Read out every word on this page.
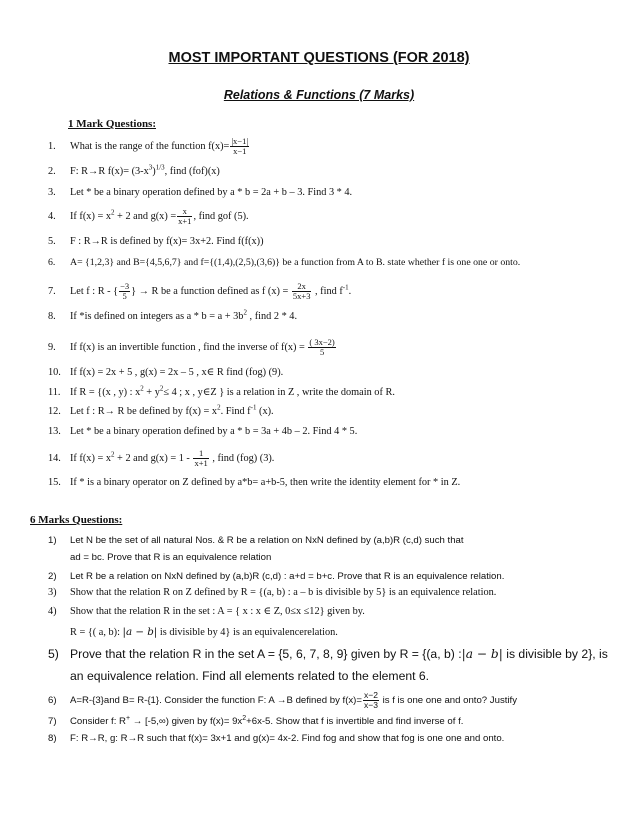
MOST IMPORTANT QUESTIONS (FOR 2018)
Relations & Functions (7 Marks)
1 Mark Questions:
1. What is the range of the function $f(x)= \frac{|x-1|}{x-1}$
2. F: R→R $f(x)= (3-x^3)^{1/3}$, find (fof)(x)
3. Let * be a binary operation defined by a * b = 2a + b – 3. Find 3 * 4.
4. If $f(x) = x^2 + 2$ and $g(x) = \frac{x}{x+1}$ , find gof (5).
5. F : R→R is defined by f(x)= 3x+2. Find f(f(x))
6. A= {1,2,3} and B={4,5,6,7} and f={(1,4),(2,5),(3,6)} be a function from A to B. state whether f is one one or onto.
7. Let f : R - { $\frac{-3}{5}$ } → R be a function defined as f $(x) = \frac{2x}{5x+3}$ , find $f^{-1}$.
8. If *is defined on integers as $a * b = a + 3b^2$ , find 2 * 4.
9. If f(x) is an invertible function , find the inverse of $f(x) = \frac{( 3x-2)}{5}$
10. If f(x) = 2x + 5 , g(x) = 2x – 5 , x∈ R find (fog) (9).
11. If R = {(x , y) : $x^2 + y^2\le 4$ ; x , y∈Z } is a relation in Z , write the domain of R.
12. Let f : R→ R be defined by $f(x) = x^2$. Find $f^{-1}$ (x).
13. Let * be a binary operation defined by a * b = 3a + 4b – 2. Find 4 * 5.
14. If $f(x) = x^2 + 2$ and $g(x) = 1 - \frac{1}{x+1}$ , find (fog) (3).
15. If * is a binary operator on Z defined by a*b= a+b-5, then write the identity element for * in Z.
6 Marks Questions:
1) Let N be the set of all natural Nos. & R be a relation on NxN defined by (a,b)R (c,d) such that
ad = bc. Prove that R is an equivalence relation
2) Let R be a relation on NxN defined by (a,b)R (c,d) : a+d = b+c. Prove that R is an equivalence relation.
3) Show that the relation R on Z defined by R = {(a, b) : a – b is divisible by 5} is an equivalence relation.
4) Show that the relation R in the set : A = { x : x ∈ Z, 0≤x ≤12} given by.
R = {( a, b): |a − b| is divisible by 4} is an equivalencerelation.
5) Prove that the relation R in the set A = {5, 6, 7, 8, 9} given by R = {(a, b) :|a − b| is divisible by 2}, is
an equivalence relation. Find all elements related to the element 6.
6) A=R-{3}and B= R-{1}. Consider the function F: A →B defined by $f(x)= \frac{x-2}{x-3}$ is f is one one and onto? Justify
7) Consider f: R+ → [-5,∞) given by $f(x)= 9x^2+6x-5$. Show that f is invertible and find inverse of f.
8) F: R→R, g: R→R such that f(x)= 3x+1 and g(x)= 4x-2. Find fog and show that fog is one one and onto.
